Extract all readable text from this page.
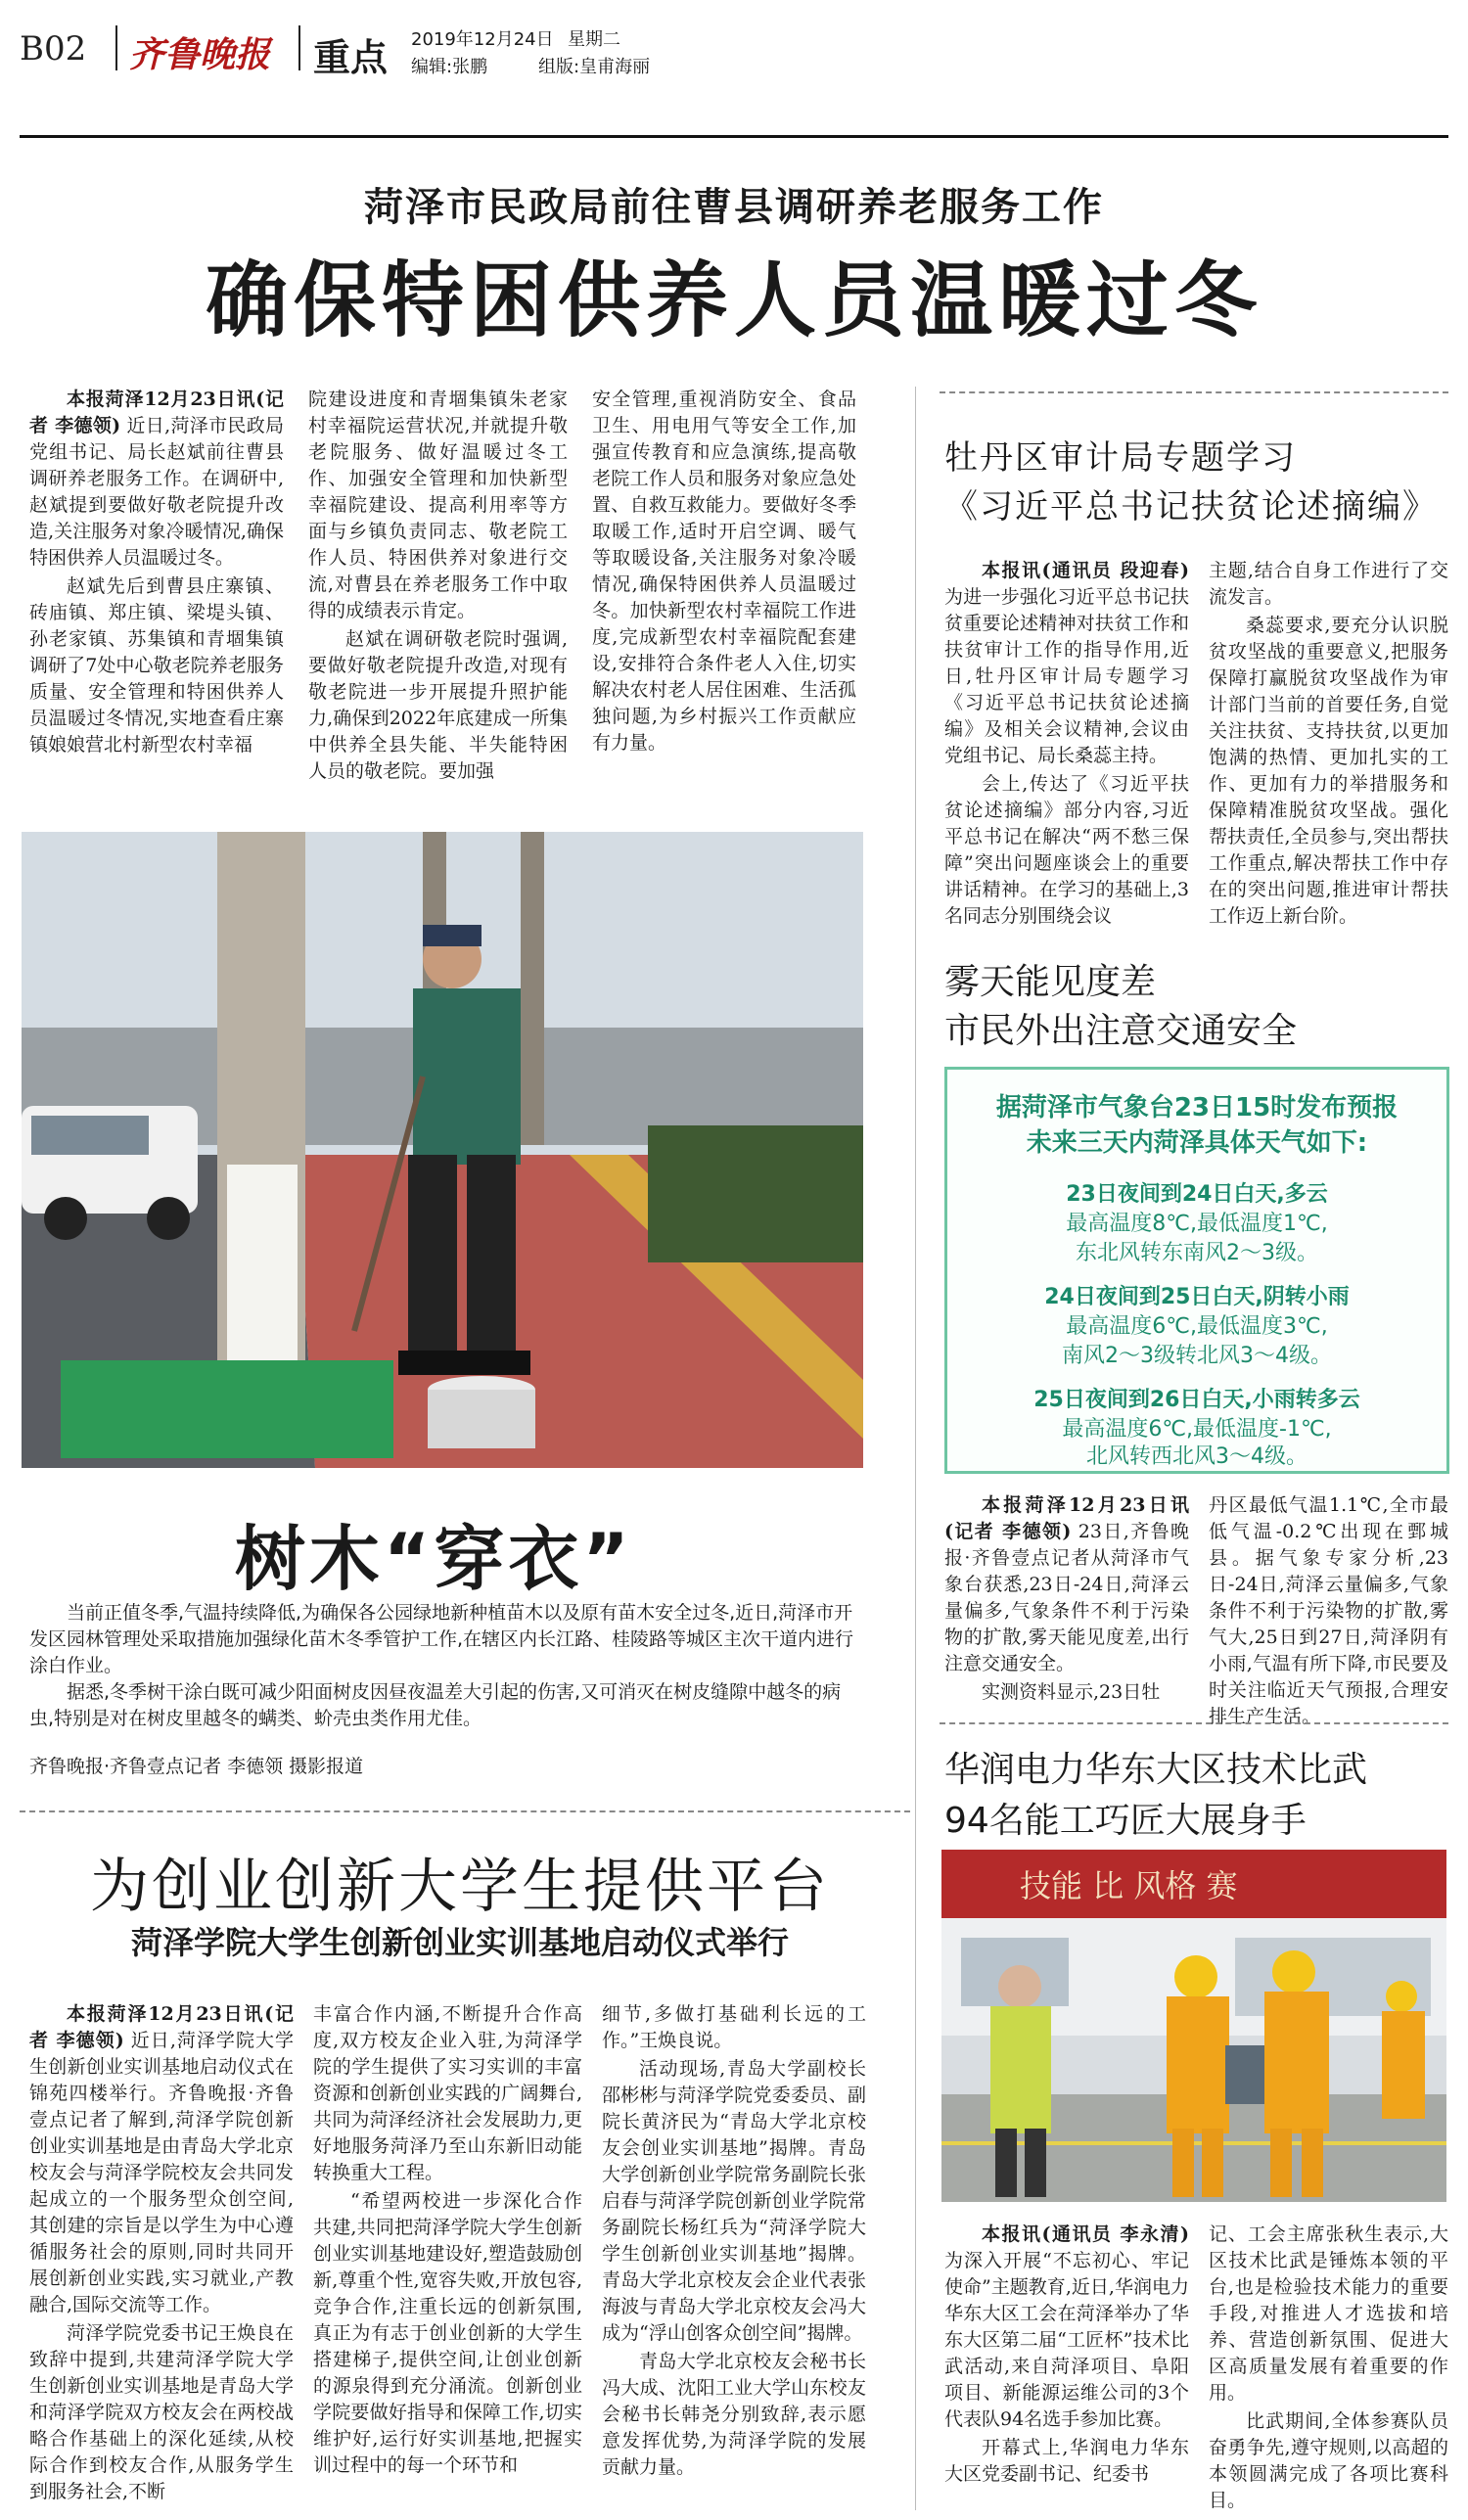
B02 齐鲁晚报 重点 2019年12月24日 星期二
编辑:张鹏	组版:皇甫海丽
菏泽市民政局前往曹县调研养老服务工作
确保特困供养人员温暖过冬

本报菏泽12月23日讯(记者 李德领) 近日,菏泽市民政局党组书记、局长赵斌前往曹县调研养老服务工作。在调研中,赵斌提到要做好敬老院提升改造,关注服务对象冷暖情况,确保特困供养人员温暖过冬。

赵斌先后到曹县庄寨镇、砖庙镇、郑庄镇、梁堤头镇、孙老家镇、苏集镇和青堌集镇调研了7处中心敬老院养老服务质量、安全管理和特困供养人员温暖过冬情况,实地查看庄寨镇娘娘营北村新型农村幸福

院建设进度和青堌集镇朱老家村幸福院运营状况,并就提升敬老院服务、做好温暖过冬工作、加强安全管理和加快新型幸福院建设、提高利用率等方面与乡镇负责同志、敬老院工作人员、特困供养对象进行交流,对曹县在养老服务工作中取得的成绩表示肯定。

赵斌在调研敬老院时强调,要做好敬老院提升改造,对现有敬老院进一步开展提升照护能力,确保到2022年底建成一所集中供养全县失能、半失能特困人员的敬老院。要加强

安全管理,重视消防安全、食品卫生、用电用气等安全工作,加强宣传教育和应急演练,提高敬老院工作人员和服务对象应急处置、自救互救能力。要做好冬季取暖工作,适时开启空调、暖气等取暖设备,关注服务对象冷暖情况,确保特困供养人员温暖过冬。加快新型农村幸福院工作进度,完成新型农村幸福院配套建设,安排符合条件老人入住,切实解决农村老人居住困难、生活孤独问题,为乡村振兴工作贡献应有力量。

牡丹区审计局专题学习
《习近平总书记扶贫论述摘编》

本报讯(通讯员 段迎春) 为进一步强化习近平总书记扶贫重要论述精神对扶贫工作和扶贫审计工作的指导作用,近日,牡丹区审计局专题学习《习近平总书记扶贫论述摘编》及相关会议精神,会议由党组书记、局长桑蕊主持。

会上,传达了《习近平扶贫论述摘编》部分内容,习近平总书记在解决“两不愁三保障”突出问题座谈会上的重要讲话精神。在学习的基础上,3名同志分别围绕会议

主题,结合自身工作进行了交流发言。

桑蕊要求,要充分认识脱贫攻坚战的重要意义,把服务保障打赢脱贫攻坚战作为审计部门当前的首要任务,自觉关注扶贫、支持扶贫,以更加饱满的热情、更加扎实的工作、更加有力的举措服务和保障精准脱贫攻坚战。强化帮扶责任,全员参与,突出帮扶工作重点,解决帮扶工作中存在的突出问题,推进审计帮扶工作迈上新台阶。

雾天能见度差
市民外出注意交通安全
据菏泽市气象台23日15时发布预报
未来三天内菏泽具体天气如下:
23日夜间到24日白天,多云
最高温度8℃,最低温度1℃,
东北风转东南风2～3级。
24日夜间到25日白天,阴转小雨
最高温度6℃,最低温度3℃,
南风2～3级转北风3～4级。
25日夜间到26日白天,小雨转多云
最高温度6℃,最低温度-1℃,
北风转西北风3～4级。

本报菏泽12月23日讯(记者 李德领) 23日,齐鲁晚报·齐鲁壹点记者从菏泽市气象台获悉,23日-24日,菏泽云量偏多,气象条件不利于污染物的扩散,雾天能见度差,出行注意交通安全。

实测资料显示,23日牡

丹区最低气温1.1℃,全市最低气温-0.2℃出现在鄄城县。据气象专家分析,23日-24日,菏泽云量偏多,气象条件不利于污染物的扩散,雾气大,25日到27日,菏泽阴有小雨,气温有所下降,市民要及时关注临近天气预报,合理安排生产生活。

华润电力华东大区技术比武
94名能工巧匠大展身手
技能 比 风格 赛

本报讯(通讯员 李永清) 为深入开展“不忘初心、牢记使命”主题教育,近日,华润电力华东大区工会在菏泽举办了华东大区第二届“工匠杯”技术比武活动,来自菏泽项目、阜阳项目、新能源运维公司的3个代表队94名选手参加比赛。

开幕式上,华润电力华东大区党委副书记、纪委书

记、工会主席张秋生表示,大区技术比武是锤炼本领的平台,也是检验技术能力的重要手段,对推进人才选拔和培养、营造创新氛围、促进大区高质量发展有着重要的作用。

比武期间,全体参赛队员奋勇争先,遵守规则,以高超的本领圆满完成了各项比赛科目。

树木“穿衣”

当前正值冬季,气温持续降低,为确保各公园绿地新种植苗木以及原有苗木安全过冬,近日,菏泽市开发区园林管理处采取措施加强绿化苗木冬季管护工作,在辖区内长江路、桂陵路等城区主次干道内进行涂白作业。

据悉,冬季树干涂白既可减少阳面树皮因昼夜温差大引起的伤害,又可消灭在树皮缝隙中越冬的病虫,特别是对在树皮里越冬的螨类、蚧壳虫类作用尤佳。

齐鲁晚报·齐鲁壹点记者 李德领 摄影报道
为创业创新大学生提供平台
菏泽学院大学生创新创业实训基地启动仪式举行

本报菏泽12月23日讯(记者 李德领) 近日,菏泽学院大学生创新创业实训基地启动仪式在锦苑四楼举行。齐鲁晚报·齐鲁壹点记者了解到,菏泽学院创新创业实训基地是由青岛大学北京校友会与菏泽学院校友会共同发起成立的一个服务型众创空间,其创建的宗旨是以学生为中心遵循服务社会的原则,同时共同开展创新创业实践,实习就业,产教融合,国际交流等工作。

菏泽学院党委书记王焕良在致辞中提到,共建菏泽学院大学生创新创业实训基地是青岛大学和菏泽学院双方校友会在两校战略合作基础上的深化延续,从校际合作到校友合作,从服务学生到服务社会,不断

丰富合作内涵,不断提升合作高度,双方校友企业入驻,为菏泽学院的学生提供了实习实训的丰富资源和创新创业实践的广阔舞台,共同为菏泽经济社会发展助力,更好地服务菏泽乃至山东新旧动能转换重大工程。

“希望两校进一步深化合作共建,共同把菏泽学院大学生创新创业实训基地建设好,塑造鼓励创新,尊重个性,宽容失败,开放包容,竞争合作,注重长远的创新氛围,真正为有志于创业创新的大学生搭建梯子,提供空间,让创业创新的源泉得到充分涌流。创新创业学院要做好指导和保障工作,切实维护好,运行好实训基地,把握实训过程中的每一个环节和

细节,多做打基础利长远的工作。”王焕良说。

活动现场,青岛大学副校长邵彬彬与菏泽学院党委委员、副院长黄济民为“青岛大学北京校友会创业实训基地”揭牌。青岛大学创新创业学院常务副院长张启春与菏泽学院创新创业学院常务副院长杨红兵为“菏泽学院大学生创新创业实训基地”揭牌。青岛大学北京校友会企业代表张海波与青岛大学北京校友会冯大成为“浮山创客众创空间”揭牌。

青岛大学北京校友会秘书长冯大成、沈阳工业大学山东校友会秘书长韩尧分别致辞,表示愿意发挥优势,为菏泽学院的发展贡献力量。
